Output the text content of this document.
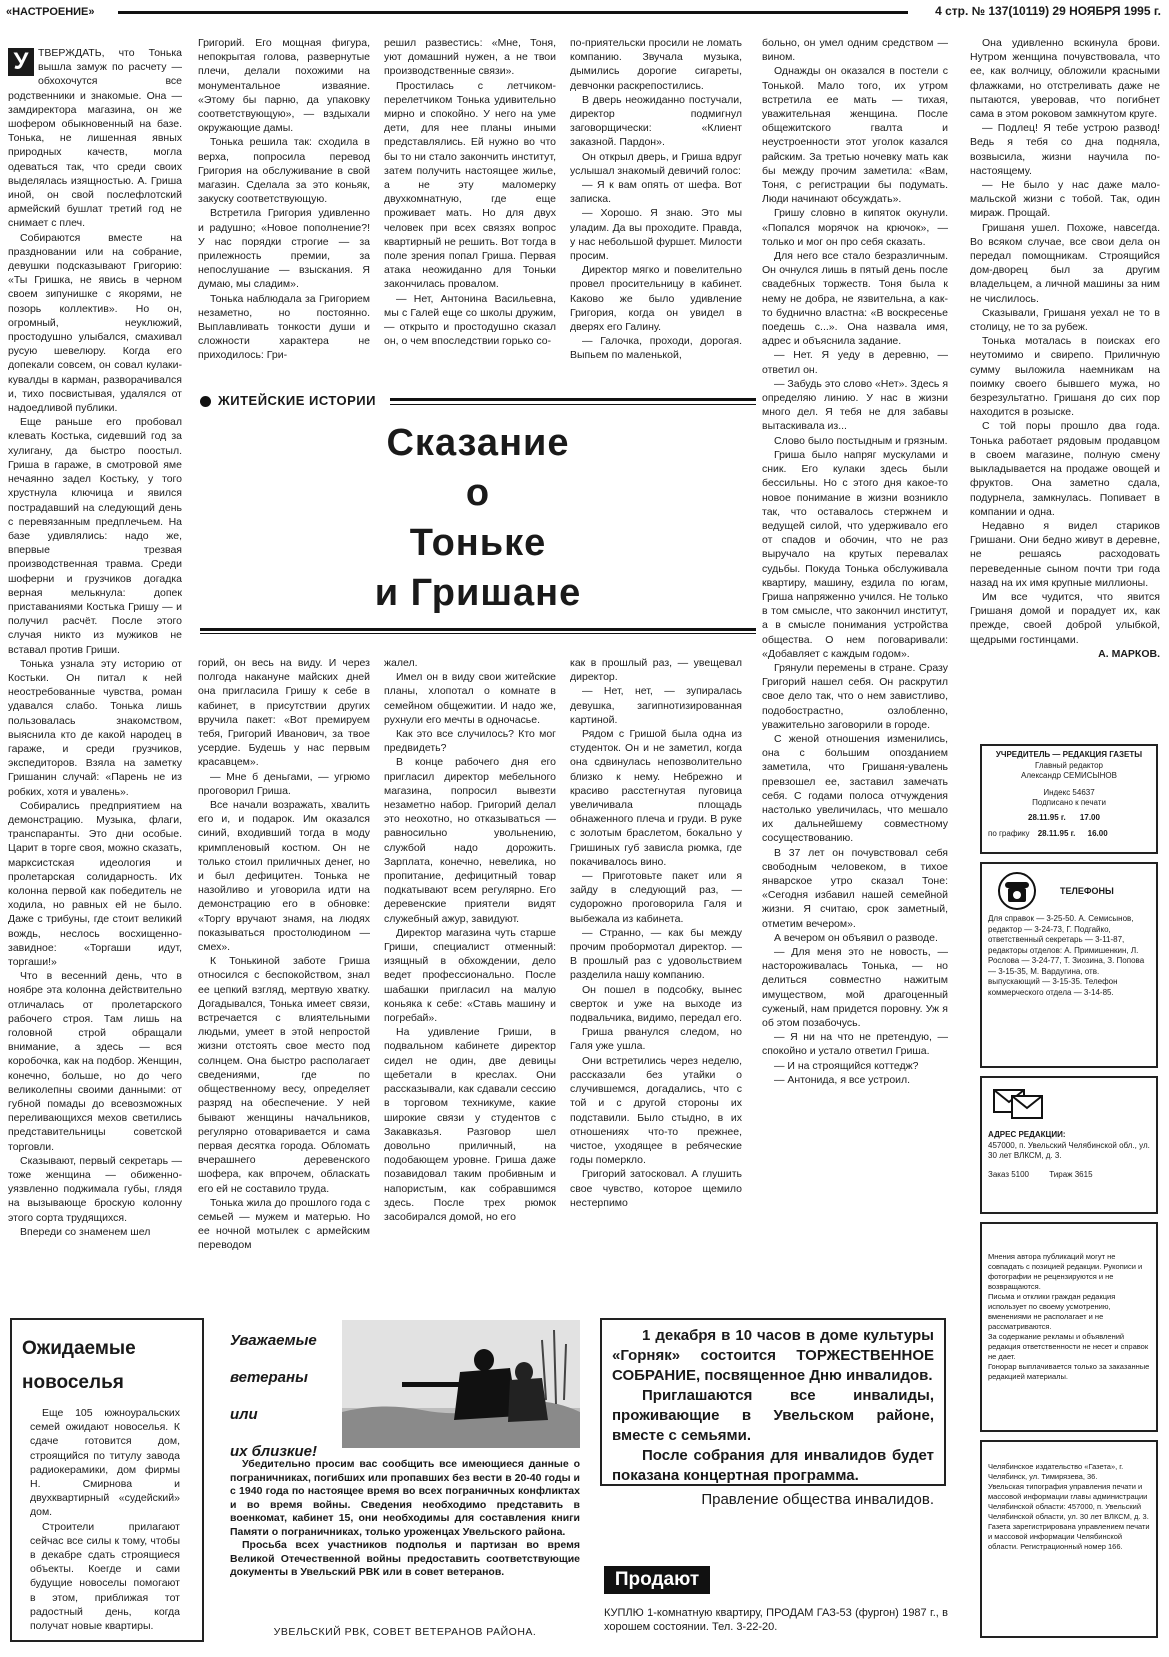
«НАСТРОЕНИЕ»	4 стр. № 137(10119) 29 НОЯБРЯ 1995 г.
У ТВЕРЖДАТЬ, что Тонька вышла замуж по расчету — обхохочутся все родственники и знакомые. Она — замдиректора магазина, он же шофером обыкновенный на базе. Тонька, не лишенная явных природных качеств, могла одеваться так, что среди своих выделялась изящностью. А. Гриша иной, он свой послефлотский армейский бушлат третий год не снимает с плеч.

Собираются вместе на праздновании или на собрание, девушки подсказывают Григорию: «Ты Гришка, не явись в черном своем зипунишке с якорями, не позорь коллектив». Но он, огромный, неуклюжий, простодушно улыбался, смахивал русую шевелюру. Когда его допекали совсем, он совал кулаки-кувалды в карман, разворачивался и, тихо посвистывая, удалялся от надоедливой публики.

Еще раньше его пробовал клевать Костька, сидевший год за хулигану, да быстро поостыл. Гриша в гараже, в смотровой яме нечаянно задел Костьку, у того хрустнула ключица и явился пострадавший на следующий день с перевязанным предплечьем. На базе удивлялись: надо же, впервые трезвая производственная травма. Среди шоферни и грузчиков догадка верная мелькнула: допек приставаниями Костька Гришу — и получил расчёт. После этого случая никто из мужиков не вставал против Гриши.

Тонька узнала эту историю от Костьки. Он питал к ней неостребованные чувства, роман удавался слабо. Тонька лишь пользовалась знакомством, выяснила кто де какой народец в гараже, и среди грузчиков, экспедиторов. Взяла на заметку Гришанин случай: «Парень не из робких, хотя и увалень».

Собирались предприятием на демонстрацию. Музыка, флаги, транспаранты. Это дни особые. Царит в торге своя, можно сказать, марксистская идеология и пролетарская солидарность. Их колонна первой как победитель не ходила, но равных ей не было. Даже с трибуны, где стоит великий вождь, неслось восхищенно-завидное: «Торгаши идут, торгаши!»

Что в весенний день, что в ноябре эта колонна действительно отличалась от пролетарского рабочего строя. Там лишь на головной строй обращали внимание, а здесь — вся коробочка, как на подбор. Женщин, конечно, больше, но до чего великолепны своими данными: от губной помады до всевозможных переливающихся мехов светились представительницы советской торговли.

Сказывают, первый секретарь — тоже женщина — обиженно-уязвленно поджимала губы, глядя на вызывающе броскую колонну этого сорта трудящихся.

Впереди со знаменем шел

Григорий. Его мощная фигура, непокрытая голова, развернутые плечи, делали похожими на монументальное изваяние. «Этому бы парню, да упаковку соответствующую», — вздыхали окружающие дамы.

Тонька решила так: сходила в верха, попросила перевод Григория на обслуживание в свой магазин. Сделала за это коньяк, закуску соответствующую.

Встретила Григория удивленно и радушно; «Новое пополнение?! У нас порядки строгие — за прилежность премии, за непослушание — взыскания. Я думаю, мы сладим».

Тонька наблюдала за Григорием незаметно, но постоянно. Выплавливать тонкости души и сложности характера не приходилось: Гри-

решил развестись: «Мне, Тоня, уют домашний нужен, а не твои производственные связи».

Простилась с летчиком-перелетчиком Тонька удивительно мирно и спокойно. У него на уме дети, для нее планы иными представлялись. Ей нужно во что бы то ни стало закончить институт, затем получить настоящее жилье, а не эту маломерку двухкомнатную, где еще проживает мать. Но для двух человек при всех связях вопрос квартирный не решить. Вот тогда в поле зрения попал Гриша. Первая атака неожиданно для Тоньки закончилась провалом.

— Нет, Антонина Васильевна, мы с Галей еще со школы дружим, — открыто и простодушно сказал он, о чем впоследствии горько со-

по-приятельски просили не ломать компанию. Звучала музыка, дымились дорогие сигареты, девчонки раскрепостились.

В дверь неожиданно постучали, директор подмигнул заговорщически: «Клиент заказной. Пардон».

Он открыл дверь, и Гриша вдруг услышал знакомый девичий голос:

— Я к вам опять от шефа. Вот записка.

— Хорошо. Я знаю. Это мы уладим. Да вы проходите. Правда, у нас небольшой фуршет. Милости просим.

Директор мягко и повелительно провел просительницу в кабинет. Каково же было удивление Григория, когда он увидел в дверях его Галину.

— Галочка, проходи, дорогая. Выпьем по маленькой,

ЖИТЕЙСКИЕ ИСТОРИИ
Сказание
о
Тоньке
и Гришане

горий, он весь на виду. И через полгода накануне майских дней она пригласила Гришу к себе в кабинет, в присутствии других вручила пакет: «Вот премируем тебя, Григорий Иванович, за твое усердие. Будешь у нас первым красавцем».

— Мне б деньгами, — угрюмо проговорил Гриша.

Все начали возражать, хвалить его и, и подарок. Им оказался синий, входивший тогда в моду кримпленовый костюм. Он не только стоил приличных денег, но и был дефицитен. Тонька не назойливо и уговорила идти на демонстрацию его в обновке: «Торгу вручают знамя, на людях показываться простолюдином — смех».

К Тонькиной заботе Гриша относился с беспокойством, знал ее цепкий взгляд, мертвую хватку. Догадывался, Тонька имеет связи, встречается с влиятельными людьми, умеет в этой непростой жизни отстоять свое место под солнцем. Она быстро располагает сведениями, где по общественному весу, определяет разряд на обеспечение. У ней бывают женщины начальников, регулярно отоваривается и сама первая десятка города. Обломать вчерашнего деревенского шофера, как впрочем, обласкать его ей не составило труда.

Тонька жила до прошлого года с семьей — мужем и матерью. Но ее ночной мотылек с армейским переводом

жалел.

Имел он в виду свои житейские планы, хлопотал о комнате в семейном общежитии. И надо же, рухнули его мечты в одночасье.

Как это все случилось? Кто мог предвидеть?

В конце рабочего дня его пригласил директор мебельного магазина, попросил вывезти незаметно набор. Григорий делал это неохотно, но отказываться — равносильно увольнению, службой надо дорожить. Зарплата, конечно, невелика, но пропитание, дефицитный товар подкатывают всем регулярно. Его деревенские приятели видят служебный ажур, завидуют.

Директор магазина чуть старше Гриши, специалист отменный: изящный в обхождении, дело ведет профессионально. После шабашки пригласил на малую коньяка к себе: «Ставь машину и погребай».

На удивление Гриши, в подвальном кабинете директор сидел не один, две девицы щебетали в креслах. Они рассказывали, как сдавали сессию в торговом техникуме, какие широкие связи у студентов с Закавказья. Разговор шел довольно приличный, на подобающем уровне. Гриша даже позавидовал таким пробивным и напористым, как собравшимся здесь. После трех рюмок засобирался домой, но его

как в прошлый раз, — увещевал директор.

— Нет, нет, — зупиралась девушка, загипнотизированная картиной.

Рядом с Гришой была одна из студенток. Он и не заметил, когда она сдвинулась непозволительно близко к нему. Небрежно и красиво расстегнутая пуговица увеличивала площадь обнаженного плеча и груди. В руке с золотым браслетом, бокально у Гришиных губ зависла рюмка, где покачивалось вино.

— Приготовьте пакет или я зайду в следующий раз, — судорожно проговорила Галя и выбежала из кабинета.

— Странно, — как бы между прочим пробормотал директор. — В прошлый раз с удовольствием разделила нашу компанию.

Он пошел в подсобку, вынес сверток и уже на выходе из подвальчика, видимо, передал его.

Гриша рванулся следом, но Галя уже ушла.

Они встретились через неделю, рассказали без утайки о случившемся, догадались, что с той и с другой стороны их подставили. Было стыдно, в их отношениях что-то прежнее, чистое, уходящее в ребяческие годы померкло.

Григорий затосковал. А глушить свое чувство, которое щемило нестерпимо

больно, он умел одним средством — вином.

Однажды он оказался в постели с Тонькой. Мало того, их утром встретила ее мать — тихая, уважительная женщина. После общежитского гвалта и неустроенности этот уголок казался райским. За третью ночевку мать как бы между прочим заметила: «Вам, Тоня, с регистрации бы подумать. Люди начинают обсуждать».

Гришу словно в кипяток окунули. «Попался морячок на крючок», — только и мог он про себя сказать.

Для него все стало безразличным. Он очнулся лишь в пятый день после свадебных торжеств. Тоня была к нему не добра, не язвительна, а как-то буднично властна: «В воскресенье поедешь с...». Она назвала имя, адрес и объяснила задание.

— Нет. Я уеду в деревню, — ответил он.

— Забудь это слово «Нет». Здесь я определяю линию. У нас в жизни много дел. Я тебя не для забавы вытаскивала из...

Слово было постыдным и грязным.

Гриша было напряг мускулами и сник. Его кулаки здесь были бессильны. Но с этого дня какое-то новое понимание в жизни возникло так, что оставалось стержнем и ведущей силой, что удерживало его от спадов и обочин, что не раз выручало на крутых перевалах судьбы. Покуда Тонька обслуживала квартиру, машину, ездила по югам, Гриша напряженно учился. Не только в том смысле, что закончил институт, а в смысле понимания устройства общества. О нем поговаривали: «Добавляет с каждым годом».

Грянули перемены в стране. Сразу Григорий нашел себя. Он раскрутил свое дело так, что о нем завистливо, подобострастно, озлобленно, уважительно заговорили в городе.

С женой отношения изменились, она с большим опозданием заметила, что Гришаня-увалень превзошел ее, заставил замечать себя. С годами полоса отчуждения настолько увеличилась, что мешало их дальнейшему совместному сосуществованию.

В 37 лет он почувствовал себя свободным человеком, в тихое январское утро сказал Тоне: «Сегодня избавил нашей семейной жизни. Я считаю, срок заметный, отметим вечером».

А вечером он объявил о разводе.

— Для меня это не новость, — настороживалась Тонька, — но делиться совместно нажитым имуществом, мой драгоценный суженый, нам придется поровну. Уж я об этом позабочусь.

— Я ни на что не претендую, — спокойно и устало ответил Гриша.

— И на строящийся коттедж?

— Антонида, я все устроил.

Она удивленно вскинула брови. Нутром женщина почувствовала, что ее, как волчицу, обложили красными флажками, но отстреливать даже не пытаются, уверовав, что погибнет сама в этом роковом замкнутом круге.

— Подлец! Я тебе устрою развод! Ведь я тебя со дна подняла, возвысила, жизни научила по-настоящему.

— Не было у нас даже мало-мальской жизни с тобой. Так, один мираж. Прощай.

Гришаня ушел. Похоже, навсегда. Во всяком случае, все свои дела он передал помощникам. Строящийся дом-дворец был за другим владельцем, а личной машины за ним не числилось.

Сказывали, Гришаня уехал не то в столицу, не то за рубеж.

Тонька моталась в поисках его неутомимо и свирепо. Приличную сумму выложила наемникам на поимку своего бывшего мужа, но безрезультатно. Гришаня до сих пор находится в розыске.

С той поры прошло два года. Тонька работает рядовым продавцом в своем магазине, полную смену выкладывается на продаже овощей и фруктов. Она заметно сдала, подурнела, замкнулась. Попивает в компании и одна.

Недавно я видел стариков Гришани. Они бедно живут в деревне, не решаясь расходовать переведенные сыном почти три года назад на их имя крупные миллионы.

Им все чудится, что явится Гришаня домой и порадует их, как прежде, своей доброй улыбкой, щедрыми гостинцами.

А. МАРКОВ.

УЧРЕДИТЕЛЬ — РЕДАКЦИЯ ГАЗЕТЫ
Главный редактор
Александр СЕМИСЫНОВ
Индекс 54637
Подписано к печати
28.11.95 г. 17.00
по графику 28.11.95 г. 16.00
ТЕЛЕФОНЫ
Для справок — 3-25-50. А. Семисынов, редактор — 3-24-73, Г. Подгайко, ответственный секретарь — 3-11-87, редакторы отделов: А. Примишенкин, Л. Рослова — 3-24-77, Т. Зиозина, З. Попова — 3-15-35, М. Вардугина, отв. выпускающий — 3-15-35. Телефон коммерческого отдела — 3-14-85.
АДРЕС РЕДАКЦИИ:
457000, п. Увельский Челябинской обл., ул. 30 лет ВЛКСМ, д. 3.
Заказ 5100	Тираж 3615
Мнения автора публикаций могут не совпадать с позицией редакции. Рукописи и фотографии не рецензируются и не возвращаются.
Письма и отклики граждан редакция использует по своему усмотрению, вменениями не располагает и не рассматриваются.
За содержание рекламы и объявлений редакция ответственности не несет и справок не дает.
Гонорар выплачивается только за заказанные редакцией материалы.
Челябинское издательство «Газета», г. Челябинск, ул. Тимирязева, 36.
Увельская типография управления печати и массовой информации главы администрации Челябинской области: 457000, п. Увельский Челябинской области, ул. 30 лет ВЛКСМ, д. 3.
Газета зарегистрирована управлением печати и массовой информации Челябинской области. Регистрационный номер 166.
Ожидаемые
новоселья

Еще 105 южноуральских семей ожидают новоселья. К сдаче готовится дом, строящийся по титулу завода радиокерамики, дом фирмы Н. Смирнова и двухквартирный «судейский» дом.

Строители прилагают сейчас все силы к тому, чтобы в декабре сдать строящиеся объекты. Коегде и сами будущие новоселы помогают в этом, приближая тот радостный день, когда получат новые квартиры.

Уважаемые
ветераны
или
их близкие!
Убедительно просим вас сообщить все имеющиеся данные о пограничниках, погибших или пропавших без вести в 20-40 годы и с 1940 года по настоящее время во всех пограничных конфликтах и во время войны. Сведения необходимо представить в военкомат, кабинет 15, они необходимы для составления книги Памяти о пограничниках, только уроженцах Увельского района.
Просьба всех участников подполья и партизан во время Великой Отечественной войны предоставить соответствующие документы в Увельский РВК или в совет ветеранов.
УВЕЛЬСКИЙ РВК, СОВЕТ ВЕТЕРАНОВ РАЙОНА.
1 декабря в 10 часов в доме культуры «Горняк» состоится ТОРЖЕСТВЕННОЕ СОБРАНИЕ, посвященное Дню инвалидов.
Приглашаются все инвалиды, проживающие в Увельском районе, вместе с семьями.
После собрания для инвалидов будет показана концертная программа.
Правление общества инвалидов.
Продают
КУПЛЮ 1-комнатную квартиру, ПРОДАМ ГАЗ-53 (фургон) 1987 г., в хорошем состоянии. Тел. 3-22-20.
